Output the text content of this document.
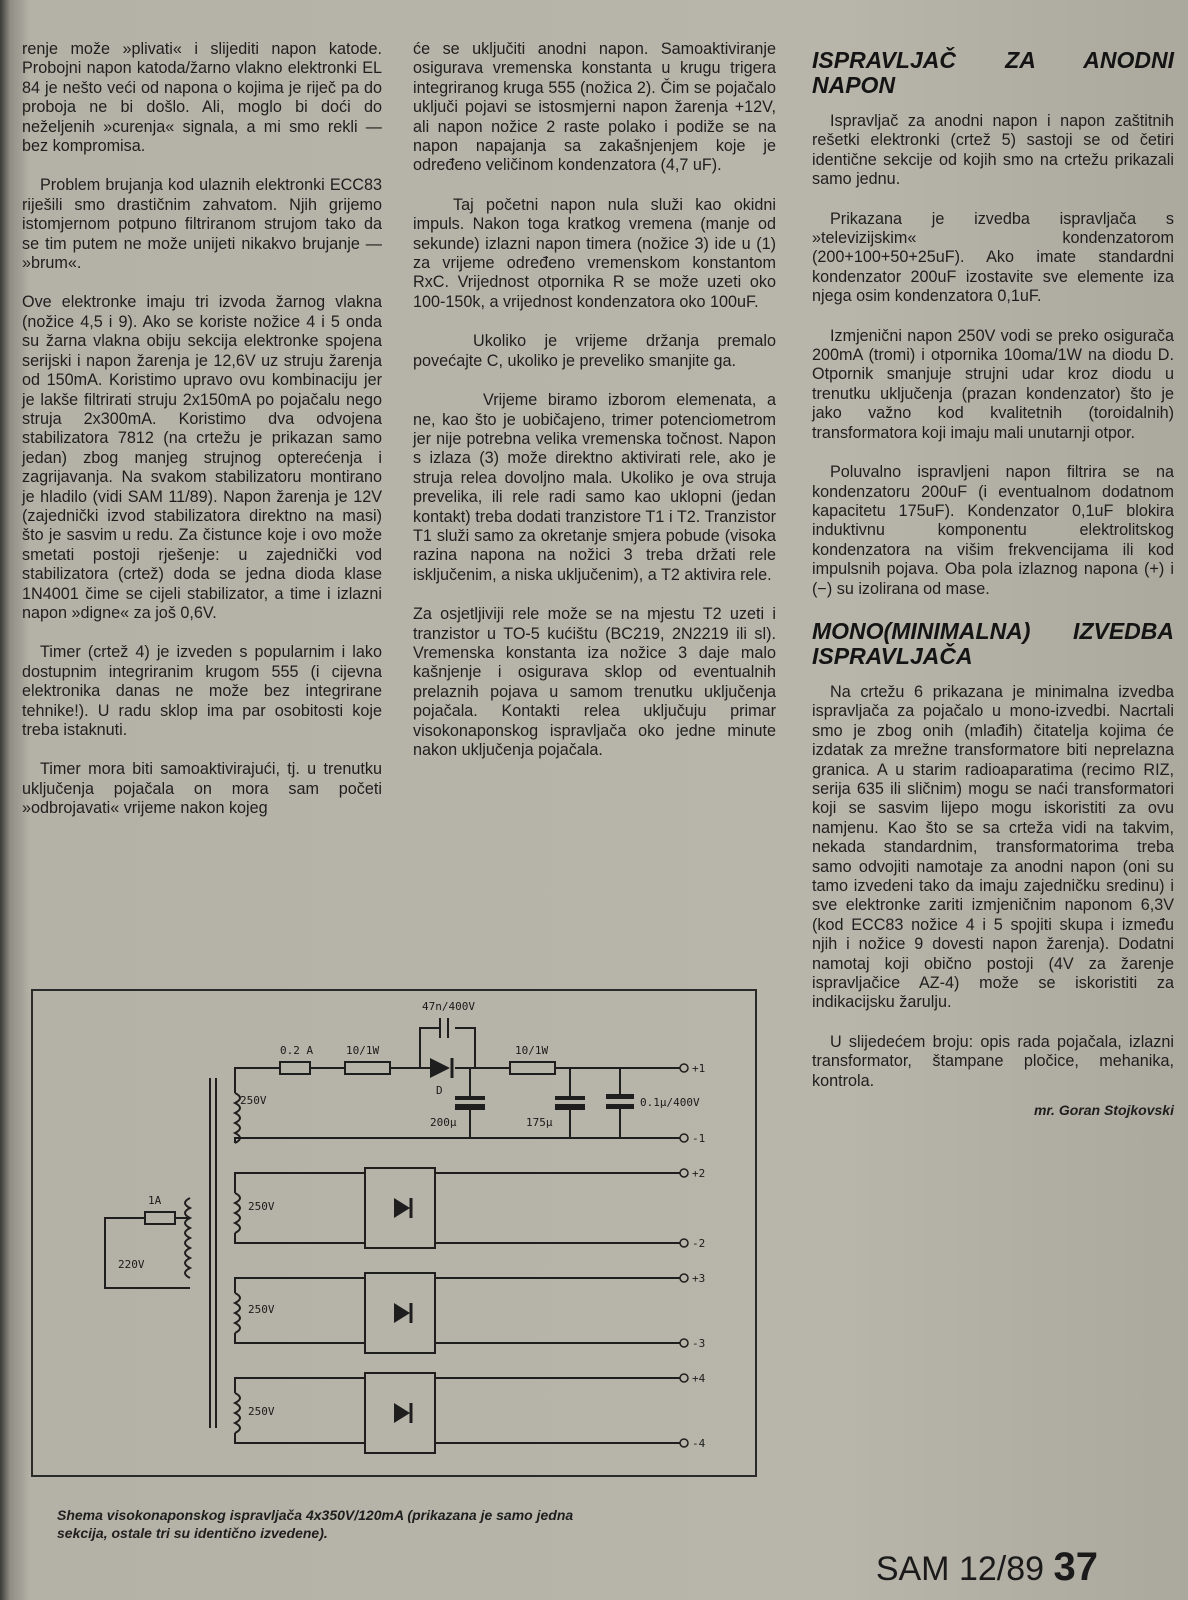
renje može »plivati« i slijediti napon katode. Probojni napon katoda/žarno vlakno elektronki EL 84 je nešto veći od napona o kojima je riječ pa do proboja ne bi došlo. Ali, moglo bi doći do neželjenih »curenja« signala, a mi smo rekli — bez kompromisa.

Problem brujanja kod ulaznih elektronki ECC83 riješili smo drastičnim zahvatom. Njih grijemo istomjernom potpuno filtriranom strujom tako da se tim putem ne može unijeti nikakvo brujanje — »brum«.

Ove elektronke imaju tri izvoda žarnog vlakna (nožice 4,5 i 9). Ako se koriste nožice 4 i 5 onda su žarna vlakna obiju sekcija elektronke spojena serijski i napon žarenja je 12,6V uz struju žarenja od 150mA. Koristimo upravo ovu kombinaciju jer je lakše filtrirati struju 2x150mA po pojačalu nego struja 2x300mA. Koristimo dva odvojena stabilizatora 7812 (na crtežu je prikazan samo jedan) zbog manjeg strujnog opterećenja i zagrijavanja. Na svakom stabilizatoru montirano je hladilo (vidi SAM 11/89). Napon žarenja je 12V (zajednički izvod stabilizatora direktno na masi) što je sasvim u redu. Za čistunce koje i ovo može smetati postoji rješenje: u zajednički vod stabilizatora (crtež) doda se jedna dioda klase 1N4001 čime se cijeli stabilizator, a time i izlazni napon »digne« za još 0,6V.

Timer (crtež 4) je izveden s popularnim i lako dostupnim integriranim krugom 555 (i cijevna elektronika danas ne može bez integrirane tehnike!). U radu sklop ima par osobitosti koje treba istaknuti.

Timer mora biti samoaktivirajući, tj. u trenutku uključenja pojačala on mora sam početi »odbrojavati« vrijeme nakon kojeg

će se uključiti anodni napon. Samoaktiviranje osigurava vremenska konstanta u krugu trigera integriranog kruga 555 (nožica 2). Čim se pojačalo uključi pojavi se istosmjerni napon žarenja +12V, ali napon nožice 2 raste polako i podiže se na napon napajanja sa zakašnjenjem koje je određeno veličinom kondenzatora (4,7 uF).

Taj početni napon nula služi kao okidni impuls. Nakon toga kratkog vremena (manje od sekunde) izlazni napon timera (nožice 3) ide u (1) za vrijeme određeno vremenskom konstantom RxC. Vrijednost otpornika R se može uzeti oko 100-150k, a vrijednost kondenzatora oko 100uF.

Ukoliko je vrijeme držanja premalo povećajte C, ukoliko je preveliko smanjite ga.

Vrijeme biramo izborom elemenata, a ne, kao što je uobičajeno, trimer potenciometrom jer nije potrebna velika vremenska točnost. Napon s izlaza (3) može direktno aktivirati rele, ako je struja relea dovoljno mala. Ukoliko je ova struja prevelika, ili rele radi samo kao uklopni (jedan kontakt) treba dodati tranzistore T1 i T2. Tranzistor T1 služi samo za okretanje smjera pobude (visoka razina napona na nožici 3 treba držati rele isključenim, a niska uključenim), a T2 aktivira rele.

Za osjetljiviji rele može se na mjestu T2 uzeti i tranzistor u TO-5 kućištu (BC219, 2N2219 ili sl). Vremenska konstanta iza nožice 3 daje malo kašnjenje i osigurava sklop od eventualnih prelaznih pojava u samom trenutku uključenja pojačala. Kontakti relea uključuju primar visokonaponskog ispravljača oko jedne minute nakon uključenja pojačala.

ISPRAVLJAČ ZA ANODNI NAPON

Ispravljač za anodni napon i napon zaštitnih rešetki elektronki (crtež 5) sastoji se od četiri identične sekcije od kojih smo na crtežu prikazali samo jednu.

Prikazana je izvedba ispravljača s »televizijskim« kondenzatorom (200+100+50+25uF). Ako imate standardni kondenzator 200uF izostavite sve elemente iza njega osim kondenzatora 0,1uF.

Izmjenični napon 250V vodi se preko osigurača 200mA (tromi) i otpornika 10oma/1W na diodu D. Otpornik smanjuje strujni udar kroz diodu u trenutku uključenja (prazan kondenzator) što je jako važno kod kvalitetnih (toroidalnih) transformatora koji imaju mali unutarnji otpor.

Poluvalno ispravljeni napon filtrira se na kondenzatoru 200uF (i eventualnom dodatnom kapacitetu 175uF). Kondenzator 0,1uF blokira induktivnu komponentu elektrolitskog kondenzatora na višim frekvencijama ili kod impulsnih pojava. Oba pola izlaznog napona (+) i (−) su izolirana od mase.

MONO(MINIMALNA) IZVEDBA ISPRAVLJAČA

Na crtežu 6 prikazana je minimalna izvedba ispravljača za pojačalo u mono-izvedbi. Nacrtali smo je zbog onih (mlađih) čitatelja kojima će izdatak za mrežne transformatore biti neprelazna granica. A u starim radioaparatima (recimo RIZ, serija 635 ili sličnim) mogu se naći transformatori koji se sasvim lijepo mogu iskoristiti za ovu namjenu. Kao što se sa crteža vidi na takvim, nekada standardnim, transformatorima treba samo odvojiti namotaje za anodni napon (oni su tamo izvedeni tako da imaju zajedničku sredinu) i sve elektronke zariti izmjeničnim naponom 6,3V (kod ECC83 nožice 4 i 5 spojiti skupa i između njih i nožice 9 dovesti napon žarenja). Dodatni namotaj koji obično postoji (4V za žarenje ispravljačice AZ-4) može se iskoristiti za indikacijsku žarulju.

U slijedećem broju: opis rada pojačala, izlazni transformator, štampane pločice, mehanika, kontrola.

mr. Goran Stojkovski
1A
220V
0.2 A	10/1W
47n/400V
D
10/1W
200μ	175μ
0.1μ/400V
250V
250V
250V
250V
+1
-1
+2
-2
+3
-3
+4
-4
Shema visokonaponskog ispravljača 4x350V/120mA (prikazana je samo jedna sekcija, ostale tri su identično izvedene).
SAM 12/89 37
